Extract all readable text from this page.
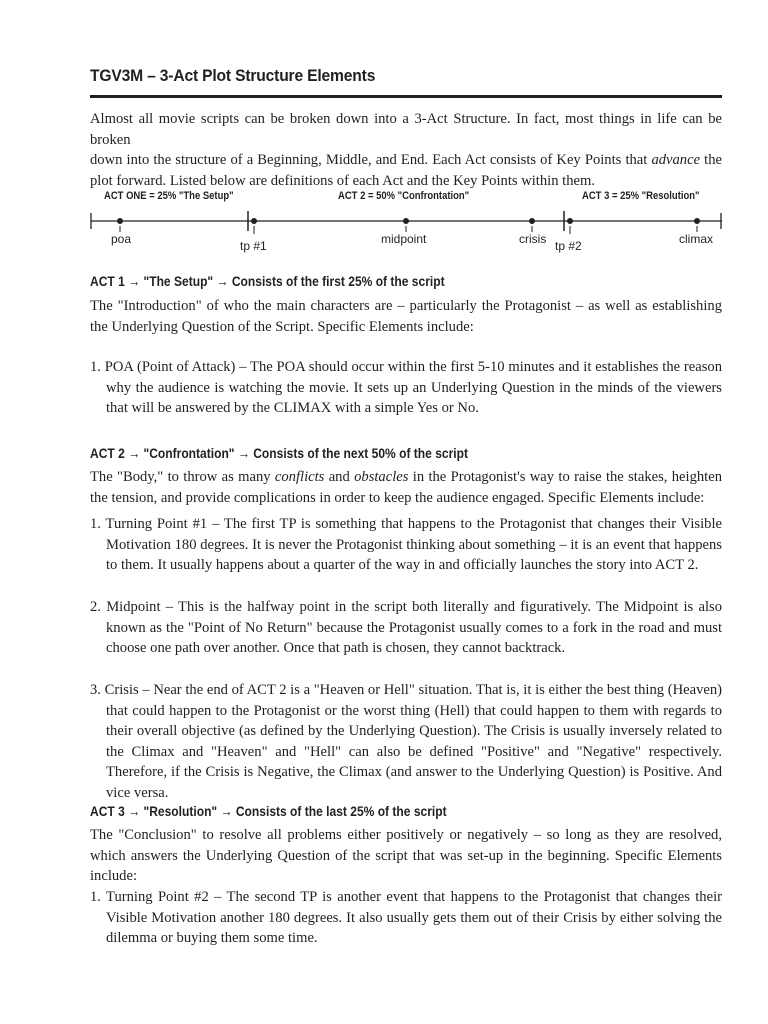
TGV3M – 3-Act Plot Structure Elements
Almost all movie scripts can be broken down into a 3-Act Structure. In fact, most things in life can be broken
down into the structure of a Beginning, Middle, and End. Each Act consists of Key Points that advance the
plot forward. Listed below are definitions of each Act and the Key Points within them.
ACT ONE = 25% "The Setup"	ACT 2 = 50% "Confrontation"	ACT 3 = 25% "Resolution"
poa	tp #1	midpoint	crisis tp #2	climax
ACT 1 → "The Setup" → Consists of the first 25% of the script
The "Introduction" of who the main characters are – particularly the Protagonist – as well as establishing the Underlying Question of the Script. Specific Elements include:
1. POA (Point of Attack) – The POA should occur within the first 5-10 minutes and it establishes the reason why the audience is watching the movie. It sets up an Underlying Question in the minds of the viewers that will be answered by the CLIMAX with a simple Yes or No.
ACT 2 → "Confrontation" → Consists of the next 50% of the script
The "Body," to throw as many conflicts and obstacles in the Protagonist's way to raise the stakes, heighten the tension, and provide complications in order to keep the audience engaged. Specific Elements include:
1. Turning Point #1 – The first TP is something that happens to the Protagonist that changes their Visible Motivation 180 degrees. It is never the Protagonist thinking about something – it is an event that happens to them. It usually happens about a quarter of the way in and officially launches the story into ACT 2.
2. Midpoint – This is the halfway point in the script both literally and figuratively. The Midpoint is also known as the "Point of No Return" because the Protagonist usually comes to a fork in the road and must choose one path over another. Once that path is chosen, they cannot backtrack.
3. Crisis – Near the end of ACT 2 is a "Heaven or Hell" situation. That is, it is either the best thing (Heaven) that could happen to the Protagonist or the worst thing (Hell) that could happen to them with regards to their overall objective (as defined by the Underlying Question). The Crisis is usually inversely related to the Climax and "Heaven" and "Hell" can also be defined "Positive" and "Negative" respectively. Therefore, if the Crisis is Negative, the Climax (and answer to the Underlying Question) is Positive. And vice versa.
ACT 3 → "Resolution" → Consists of the last 25% of the script
The "Conclusion" to resolve all problems either positively or negatively – so long as they are resolved, which answers the Underlying Question of the script that was set-up in the beginning. Specific Elements include:
1. Turning Point #2 – The second TP is another event that happens to the Protagonist that changes their Visible Motivation another 180 degrees. It also usually gets them out of their Crisis by either solving the dilemma or buying them some time.
